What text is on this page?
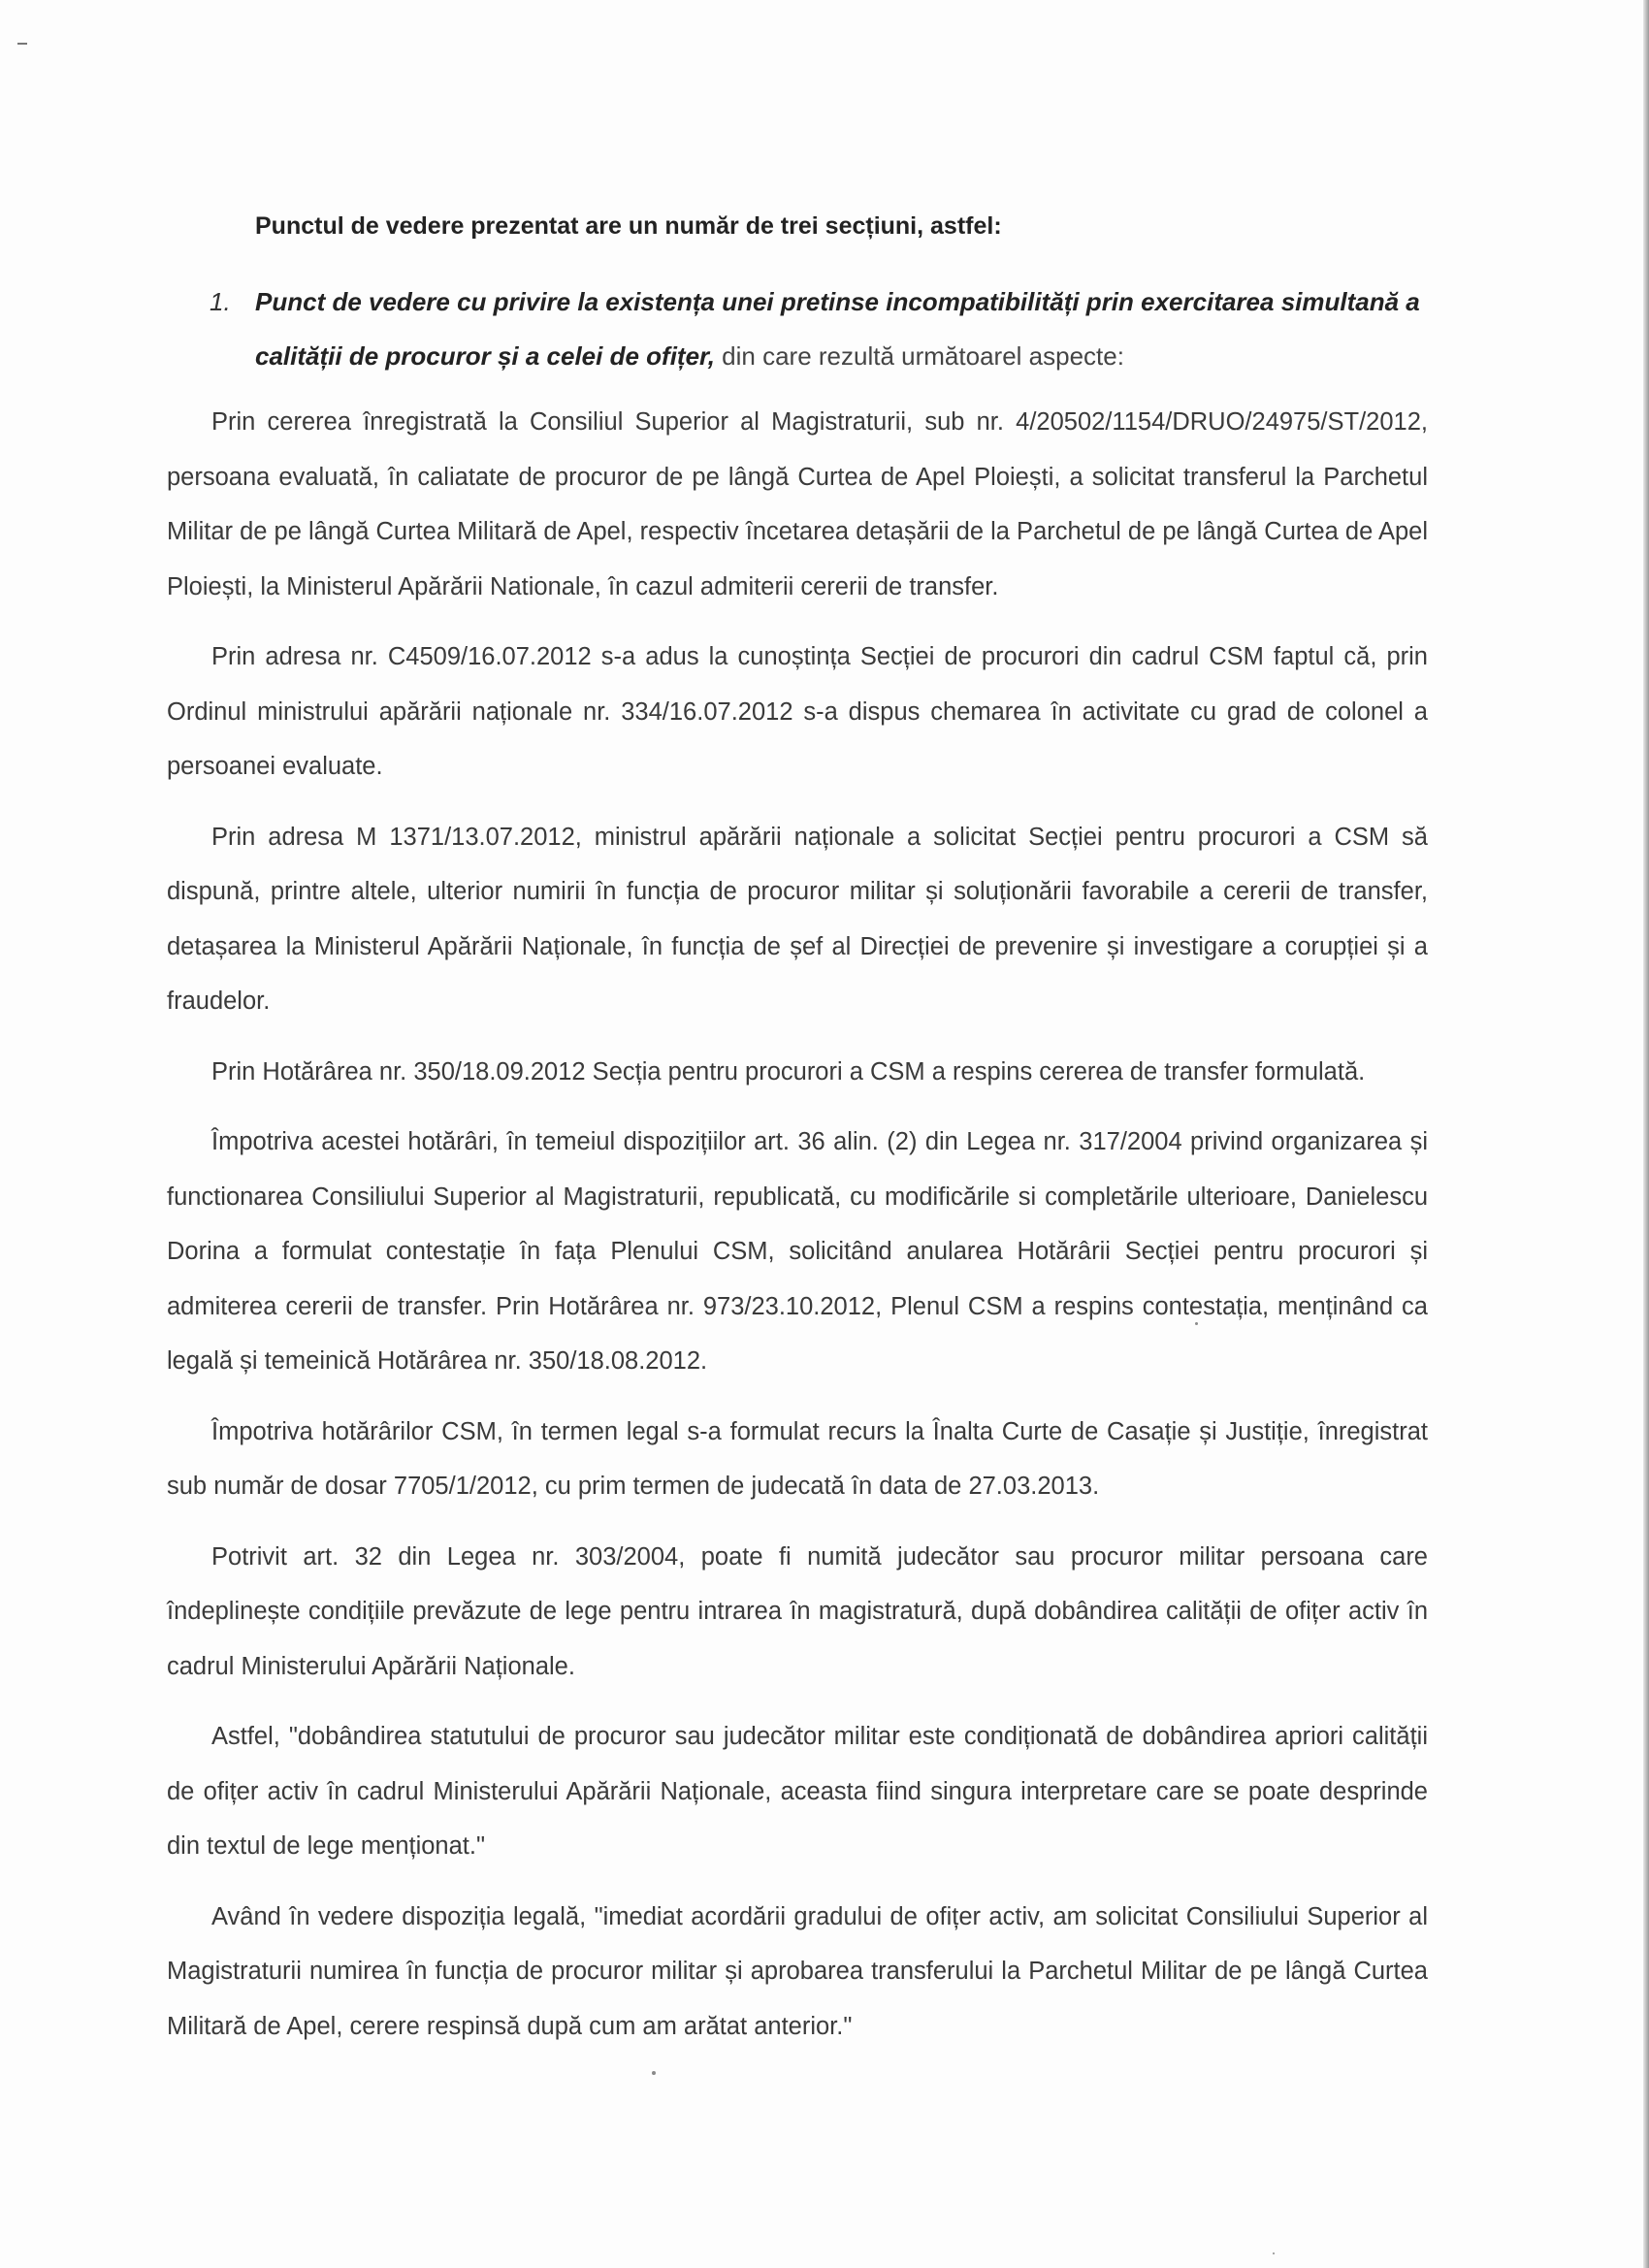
Punctul de vedere prezentat are un număr de trei secțiuni, astfel:
1. Punct de vedere cu privire la existența unei pretinse incompatibilități prin exercitarea simultană a calității de procuror și a celei de ofițer, din care rezultă următoarel aspecte:

Prin cererea înregistrată la Consiliul Superior al Magistraturii, sub nr. 4/20502/1154/DRUO/24975/ST/2012, persoana evaluată, în caliatate de procuror de pe lângă Curtea de Apel Ploiești, a solicitat transferul la Parchetul Militar de pe lângă Curtea Militară de Apel, respectiv încetarea detașării de la Parchetul de pe lângă Curtea de Apel Ploiești, la Ministerul Apărării Nationale, în cazul admiterii cererii de transfer.

Prin adresa nr. C4509/16.07.2012 s-a adus la cunoștința Secției de procurori din cadrul CSM faptul că, prin Ordinul ministrului apărării naționale nr. 334/16.07.2012 s-a dispus chemarea în activitate cu grad de colonel a persoanei evaluate.

Prin adresa M 1371/13.07.2012, ministrul apărării naționale a solicitat Secției pentru procurori a CSM să dispună, printre altele, ulterior numirii în funcția de procuror militar și soluționării favorabile a cererii de transfer, detașarea la Ministerul Apărării Naționale, în funcția de șef al Direcției de prevenire și investigare a corupției și a fraudelor.

Prin Hotărârea nr. 350/18.09.2012 Secția pentru procurori a CSM a respins cererea de transfer formulată.

Împotriva acestei hotărâri, în temeiul dispozițiilor art. 36 alin. (2) din Legea nr. 317/2004 privind organizarea și functionarea Consiliului Superior al Magistraturii, republicată, cu modificările si completările ulterioare, Danielescu Dorina a formulat contestație în fața Plenului CSM, solicitând anularea Hotărârii Secției pentru procurori și admiterea cererii de transfer. Prin Hotărârea nr. 973/23.10.2012, Plenul CSM a respins contestația, menținând ca legală și temeinică Hotărârea nr. 350/18.08.2012.

Împotriva hotărârilor CSM, în termen legal s-a formulat recurs la Înalta Curte de Casație și Justiție, înregistrat sub număr de dosar 7705/1/2012, cu prim termen de judecată în data de 27.03.2013.

Potrivit art. 32 din Legea nr. 303/2004, poate fi numită judecător sau procuror militar persoana care îndeplinește condițiile prevăzute de lege pentru intrarea în magistratură, după dobândirea calității de ofițer activ în cadrul Ministerului Apărării Naționale.

Astfel, "dobândirea statutului de procuror sau judecător militar este condiționată de dobândirea apriori calității de ofițer activ în cadrul Ministerului Apărării Naționale, aceasta fiind singura interpretare care se poate desprinde din textul de lege menționat."

Având în vedere dispoziția legală, "imediat acordării gradului de ofițer activ, am solicitat Consiliului Superior al Magistraturii numirea în funcția de procuror militar și aprobarea transferului la Parchetul Militar de pe lângă Curtea Militară de Apel, cerere respinsă după cum am arătat anterior."
